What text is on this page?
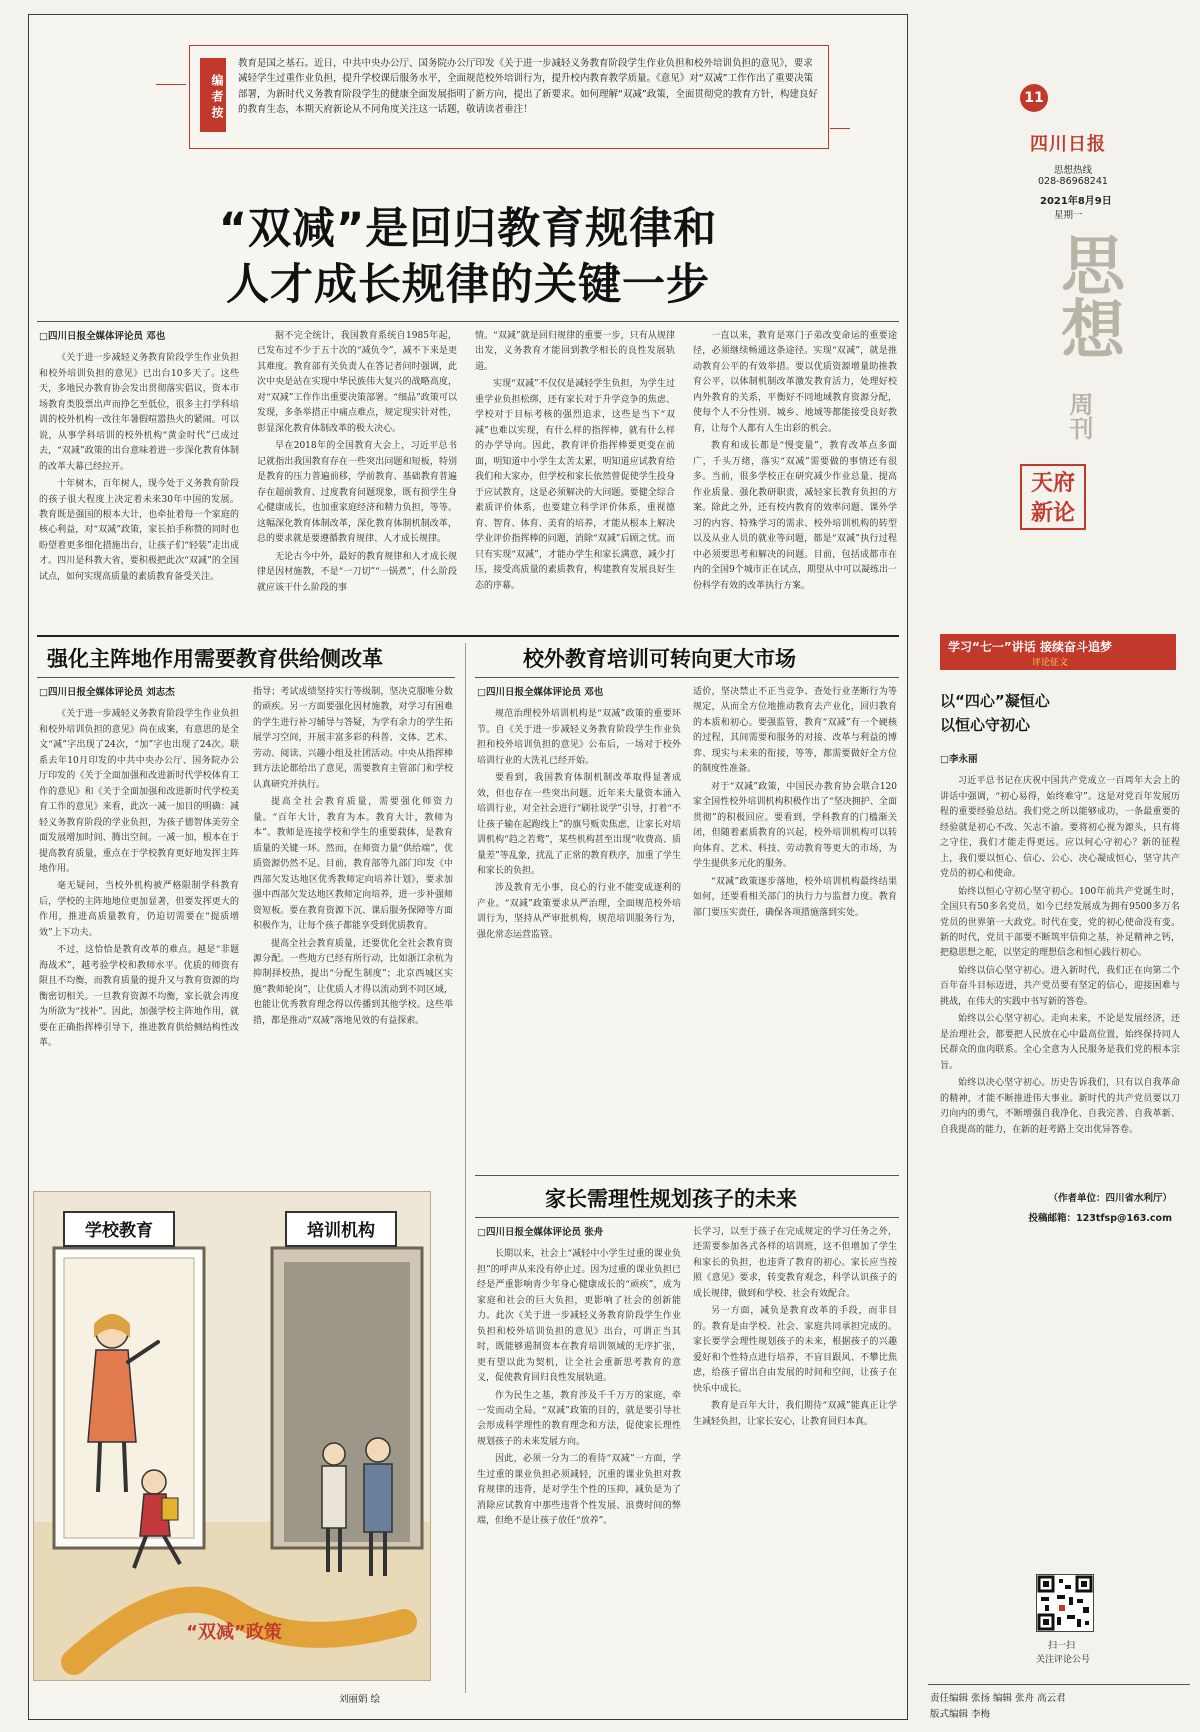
编者按
教育是国之基石。近日，中共中央办公厅、国务院办公厅印发《关于进一步减轻义务教育阶段学生作业负担和校外培训负担的意见》，要求减轻学生过重作业负担，提升学校课后服务水平，全面规范校外培训行为，提升校内教育教学质量。《意见》对“双减”工作作出了重要决策部署，为新时代义务教育阶段学生的健康全面发展指明了新方向，提出了新要求。如何理解“双减”政策，全面贯彻党的教育方针，构建良好的教育生态，本期天府新论从不同角度关注这一话题，敬请读者垂注！
“双减”是回归教育规律和
人才成长规律的关键一步
□四川日报全媒体评论员 邓也

《关于进一步减轻义务教育阶段学生作业负担和校外培训负担的意见》已出台10多天了。这些天，多地民办教育协会发出贯彻落实倡议，资本市场教育类股票出声而挣乞至低位，很多主打学科培训的校外机构一改往年暑假喧嚣热火的紧闹。可以说，从事学科培训的校外机构“黄金时代”已成过去，“双减”政策的出台意味着进一步深化教育体制的改革大幕已经拉开。

十年树木，百年树人，现今处于义务教育阶段的孩子很大程度上决定着未来30年中国的发展。教育既是强国的根本大计，也牵扯着每一个家庭的核心利益，对“双减”政策，家长拍手称赞的同时也盼望着更多细化措施出台，让孩子们“轻装”走出成才。四川是科教大省，要积极把此次“双减”的全国试点，如何实现高质量的素质教育备受关注。

据不完全统计，我国教育系统自1985年起，已发布过不少于五十次的“减负令”，减不下来是更其难度。教育部有关负责人在答记者问时强调，此次中央是站在实现中华民族伟大复兴的战略高度，对“双减”工作作出重要决策部署。“细品”政策可以发现，多条举措正中痛点难点，规定现实针对性，彰显深化教育体制改革的极大决心。

早在2018年的全国教育大会上，习近平总书记就指出我国教育存在一些突出问题和短板，特别是教育的压力普遍前移，学前教育、基础教育普遍存在超前教育、过度教育问题现象，既有损学生身心健康成长，也加重家庭经济和精力负担，等等。这幅深化教育体制改革，深化教育体制机制改革，总的要求就是要遵循教育规律、人才成长规律。

无论古今中外，最好的教育规律和人才成长规律是因材施教，不是“一刀切”“一锅煮”，什么阶段就应该干什么阶段的事

情。“双减”就是回归规律的重要一步，只有从规律出发，义务教育才能回到教学相长的良性发展轨道。

实现“双减”不仅仅是减轻学生负担，为学生过重学业负担松绑，还有家长对于升学竞争的焦虑、学校对于目标考核的强烈追求，这些是当下“双减”也难以实现，有什么样的指挥棒，就有什么样的办学导向。因此，教育评价指挥棒要更变在前面，明知道中小学生太苦太累，明知道应试教育给我们和大家办，但学校和家长依然曾促使学生投身于应试教育，这是必须解决的大问题。要健全综合素质评价体系，也要建立科学评价体系，重视德育、智育、体育、美育的培养，才能从根本上解决学业评价指挥棒的问题，消除“双减”后顾之忧。而只有实现“双减”，才能办学生和家长满意，减少打压，接受高质量的素质教育，构建教育发展良好生态的序幕。

一直以来，教育是寒门子弟改变命运的重要途径，必须继续畅通这条途径。实现“双减”，就是推动教育公平的有效举措。要以优质资源增量助推教育公平，以体制机制改革激发教育活力，处理好校内外教育的关系，平衡好不同地域教育资源分配，使每个人不分性别、城乡、地域等都能接受良好教育，让每个人都有人生出彩的机会。

教育和成长都是“慢变量”，教育改革点多面广，千头万绪，落实“双减”需要做的事情还有很多。当前，很多学校正在研究减少作业总量、提高作业质量、强化教研职责，减轻家长教育负担的方案。除此之外，还有校内教育的效率问题、课外学习的内容、特殊学习的需求、校外培训机构的转型以及从业人员的就业等问题，都是“双减”执行过程中必须要思考和解决的问题。目前，包括成都市在内的全国9个城市正在试点，期望从中可以凝练出一份科学有效的改革执行方案。

强化主阵地作用需要教育供给侧改革
□四川日报全媒体评论员 刘志杰

《关于进一步减轻义务教育阶段学生作业负担和校外培训负担的意见》尚在成案，有意思的是全文“减”字出现了24次，“加”字也出现了24次。联系去年10月印发的中共中央办公厅、国务院办公厅印发的《关于全面加强和改进新时代学校体育工作的意见》和《关于全面加强和改进新时代学校美育工作的意见》来看，此次一减一加目的明确：减轻义务教育阶段的学业负担，为孩子德智体美劳全面发展增加时间、腾出空间。一减一加，根本在于提高教育质量，重点在于学校教育更好地发挥主阵地作用。

毫无疑问，当校外机构被严格限制学科教育后，学校的主阵地地位更加显著，但要发挥更大的作用，推进高质量教育，仍迫切需要在“提质增效”上下功夫。

不过，这恰恰是教育改革的难点。越是“非题海战术”，越考验学校和教师水平。优质的师资有限且不均衡，而教育质量的提升又与教育资源的均衡密切相关。一旦教育资源不均衡，家长就会再度为所欲为“找补”。因此，加强学校主阵地作用，就要在正确指挥棒引导下，推进教育供给侧结构性改革。

指导；考试成绩坚持实行等级制，坚决克服唯分数的顽疾。另一方面要强化因材施教，对学习有困难的学生进行补习辅导与答疑，为学有余力的学生拓展学习空间，开展丰富多彩的科普、文体、艺术、劳动、阅读、兴趣小组及社团活动。中央从指挥棒到方法论都给出了意见，需要教育主管部门和学校认真研究并执行。

提高全社会教育质量，需要强化师资力量。“百年大计，教育为本。教育大计，教师为本”。教师是连接学校和学生的重要载体，是教育质量的关键一环。然而，在师资力量“供给端”，优质资源仍然不足。目前，教育部等九部门印发《中西部欠发达地区优秀教师定向培养计划》，要求加强中西部欠发达地区教师定向培养，进一步补强师资短板。要在教育资源下沉、课后服务保障等方面积极作为，让每个孩子都能享受到优质教育。

提高全社会教育质量，还要优化全社会教育资源分配。一些地方已经有所行动，比如浙江余杭为抑制择校热，提出“分配生制度”；北京西城区实施“教师轮岗”，让优质人才得以流动到不同区域，也能让优秀教育理念得以传播到其他学校。这些举措，都是推动“双减”落地见效的有益探索。

校外教育培训可转向更大市场
□四川日报全媒体评论员 邓也

规范治理校外培训机构是“双减”政策的重要环节。自《关于进一步减轻义务教育阶段学生作业负担和校外培训负担的意见》公布后，一场对于校外培训行业的大洗礼已经开始。

要看到，我国教育体制机制改革取得显著成效，但也存在一些突出问题。近年来大量资本涌入培训行业，对全社会进行“刷社说学”引导，打着“不让孩子输在起跑线上”的旗号贩卖焦虑，让家长对培训机构“趋之若鹜”，某些机构甚至出现“收费高、质量差”等乱象，扰乱了正常的教育秩序，加重了学生和家长的负担。

涉及教育无小事，良心的行业不能变成逐利的产业。“双减”政策要求从严治理，全面规范校外培训行为，坚持从严审批机构，规范培训服务行为，强化常态运营监管。

适价，坚决禁止不正当竞争、查处行业垄断行为等规定，从而全方位地推动教育去产业化，回归教育的本质和初心。要强监管，教育“双减”有一个硬核的过程，其间需要和服务的对接、改革与利益的博弈、现实与未来的衔接，等等，都需要做好全方位的制度性准备。

对于“双减”政策，中国民办教育协会联合120家全国性校外培训机构积极作出了“坚决拥护、全面贯彻”的积极回应。要看到，学科教育的门槛渐关闭，但随着素质教育的兴起，校外培训机构可以转向体育、艺术、科技、劳动教育等更大的市场，为学生提供多元化的服务。

“双减”政策逐步落地，校外培训机构最终结果如何，还要看相关部门的执行力与监督力度。教育部门要压实责任，确保各项措施落到实处。

家长需理性规划孩子的未来
□四川日报全媒体评论员 张舟

长期以来，社会上“减轻中小学生过重的课业负担”的呼声从来没有停止过。因为过重的课业负担已经是严重影响青少年身心健康成长的“顽疾”，成为家庭和社会的巨大负担，更影响了社会的创新能力。此次《关于进一步减轻义务教育阶段学生作业负担和校外培训负担的意见》出台，可谓正当其时，既能够遏制资本在教育培训领域的无序扩张，更有望以此为契机，让全社会重新思考教育的意义，促使教育回归良性发展轨道。

作为民生之基，教育涉及千千万万的家庭，牵一发而动全局。“双减”政策的目的，就是要引导社会形成科学理性的教育理念和方法，促使家长理性规划孩子的未来发展方向。

因此，必须一分为二的看待“双减”一方面，学生过重的课业负担必须减轻，沉重的课业负担对教育规律的违背，是对学生个性的压抑，减负是为了消除应试教育中那些违背个性发展、浪费时间的弊端，但绝不是让孩子放任“放养”。

长学习，以至于孩子在完成规定的学习任务之外，还需要参加各式各样的培训班，这不但增加了学生和家长的负担，也违背了教育的初心。家长应当按照《意见》要求，转变教育观念，科学认识孩子的成长规律，做到和学校、社会有效配合。

另一方面，减负是教育改革的手段，而非目的。教育是由学校、社会、家庭共同承担完成的。家长要学会理性规划孩子的未来，根据孩子的兴趣爱好和个性特点进行培养，不盲目跟风、不攀比焦虑，给孩子留出自由发展的时间和空间，让孩子在快乐中成长。

教育是百年大计，我们期待“双减”能真正让学生减轻负担，让家长安心，让教育回归本真。

学校教育	培训机构
“双减”政策
刘丽娟 绘
11
四川日报
思想热线
028-86968241
2021年8月9日
星期一
思想
周刊
天府新论
学习“七一”讲话 接续奋斗追梦
评论征文
以“四心”凝恒心
以恒心守初心
□李永丽

习近平总书记在庆祝中国共产党成立一百周年大会上的讲话中强调，“初心易得，始终难守”。这是对党百年发展历程的重要经验总结。我们党之所以能够成功，一条最重要的经验就是初心不改、矢志不渝。要将初心视为源头，只有将之守住，我们才能走得更远。应以何心守初心？新的征程上，我们要以恒心、信心、公心、决心凝成恒心，坚守共产党员的初心和使命。

始终以恒心守初心坚守初心。100年前共产党诞生时，全国只有50多名党员，如今已经发展成为拥有9500多万名党员的世界第一大政党。时代在变，党的初心使命没有变。新的时代，党员干部要不断筑牢信仰之基，补足精神之钙，把稳思想之舵，以坚定的理想信念和恒心践行初心。

始终以信心坚守初心。进入新时代，我们正在向第二个百年奋斗目标迈进，共产党员要有坚定的信心，迎接困难与挑战，在伟大的实践中书写新的答卷。

始终以公心坚守初心。走向未来，不论是发展经济，还是治理社会，都要把人民放在心中最高位置，始终保持同人民群众的血肉联系。全心全意为人民服务是我们党的根本宗旨。

始终以决心坚守初心。历史告诉我们，只有以自我革命的精神，才能不断推进伟大事业。新时代的共产党员要以刀刃向内的勇气，不断增强自我净化、自我完善、自我革新、自我提高的能力，在新的赶考路上交出优异答卷。

（作者单位：四川省水利厅）
投稿邮箱：123tfsp@163.com
扫一扫
关注评论公号
责任编辑 张扬 编辑 张舟 高云君
版式编辑 李梅
